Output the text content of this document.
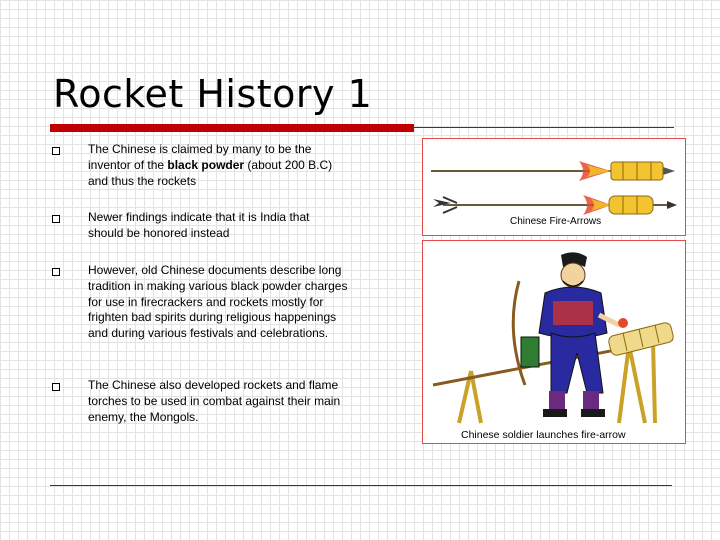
Rocket History 1
The Chinese is claimed by many to be the inventor of the black powder (about 200 B.C) and thus the rockets
Newer findings indicate that it is India that should be honored instead
However, old Chinese documents describe long tradition in making various black powder charges for use in firecrackers and rockets mostly for frighten bad spirits during religious happenings and during various festivals and celebrations.
The Chinese also developed rockets and flame torches to be used in combat against their main enemy, the Mongols.
Chinese Fire-Arrows
Chinese soldier launches fire-arrow
